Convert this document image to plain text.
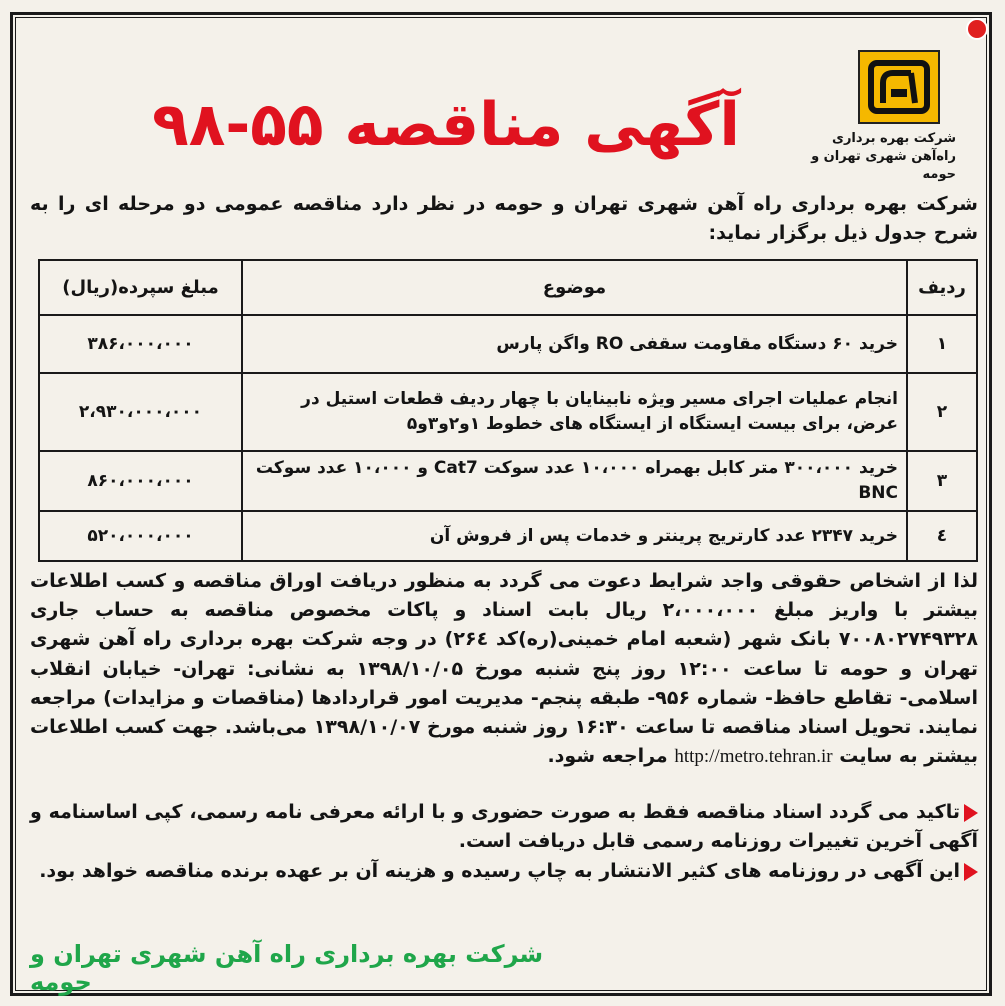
شرکت بهره برداری
راه‌آهن شهری تهران و حومه
آگهی مناقصه ۵۵-۹۸
شرکت بهره برداری راه آهن شهری تهران و حومه در نظر دارد مناقصه عمومی دو مرحله ای را به شرح جدول ذیل برگزار نماید:
ردیف	موضوع	مبلغ سپرده(ریال)
۱	خرید ۶۰ دستگاه مقاومت سقفی RO واگن پارس	۳۸۶،۰۰۰،۰۰۰
۲	انجام عملیات اجرای مسیر ویژه نابینایان با چهار ردیف قطعات استیل در عرض، برای بیست ایستگاه از ایستگاه های خطوط ۱و۲و۳و۵	۲،۹۳۰،۰۰۰،۰۰۰
۳	خرید ۳۰۰،۰۰۰ متر کابل بهمراه ۱۰،۰۰۰ عدد سوکت Cat7 و ۱۰،۰۰۰ عدد سوکت BNC	۸۶۰،۰۰۰،۰۰۰
٤	خرید ۲۳۴۷ عدد کارتریج پرینتر و خدمات پس از فروش آن	۵۲۰،۰۰۰،۰۰۰
لذا از اشخاص حقوقی واجد شرایط دعوت می گردد به منظور دریافت اوراق مناقصه و کسب اطلاعات بیشتر با واریز مبلغ ۲،۰۰۰،۰۰۰ ریال بابت اسناد و پاکات مخصوص مناقصه به حساب جاری ۷۰۰۸۰۲۷۴۹۳۲۸ بانک شهر (شعبه امام خمینی(ره)کد ۲۶٤) در وجه شرکت بهره برداری راه آهن شهری تهران و حومه تا ساعت ۱۲:۰۰ روز پنج شنبه مورخ ۱۳۹۸/۱۰/۰۵ به نشانی: تهران- خیابان انقلاب اسلامی- تقاطع حافظ- شماره ۹۵۶- طبقه پنجم- مدیریت امور قراردادها (مناقصات و مزایدات) مراجعه نمایند. تحویل اسناد مناقصه تا ساعت ۱۶:۳۰ روز شنبه مورخ ۱۳۹۸/۱۰/۰۷ می‌باشد. جهت کسب اطلاعات بیشتر به سایت http://metro.tehran.ir مراجعه شود.
تاکید می گردد اسناد مناقصه فقط به صورت حضوری و با ارائه معرفی نامه رسمی، کپی اساسنامه و آگهی آخرین تغییرات روزنامه رسمی قابل دریافت است.
این آگهی در روزنامه های کثیر الانتشار به چاپ رسیده و هزینه آن بر عهده برنده مناقصه خواهد بود.
شرکت بهره برداری راه آهن شهری تهران و حومه
